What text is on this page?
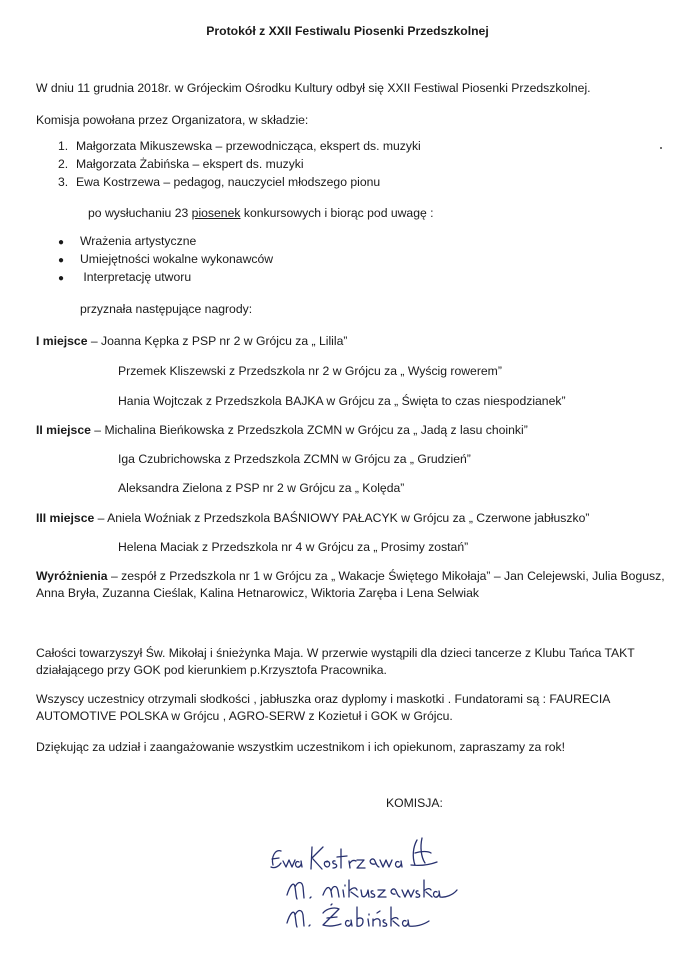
Protokół z XXII Festiwalu Piosenki Przedszkolnej
W dniu 11 grudnia 2018r. w Grójeckim Ośrodku Kultury odbył się XXII Festiwal Piosenki Przedszkolnej.
Komisja powołana przez Organizatora, w składzie:
1. Małgorzata Mikuszewska – przewodnicząca, ekspert ds. muzyki
2. Małgorzata Żabińska – ekspert ds. muzyki
3. Ewa Kostrzewa – pedagog, nauczyciel młodszego pionu
po wysłuchaniu 23 piosenek konkursowych i biorąc pod uwagę :
● Wrażenia artystyczne
● Umiejętności wokalne wykonawców
● Interpretację utworu
przyznała następujące nagrody:
I miejsce – Joanna Kępka z PSP nr 2 w Grójcu za „ Lilila”
Przemek Kliszewski z Przedszkola nr 2 w Grójcu za „ Wyścig rowerem”
Hania Wojtczak z Przedszkola BAJKA w Grójcu za „ Święta to czas niespodzianek”
II miejsce – Michalina Bieńkowska z Przedszkola ZCMN w Grójcu za „ Jadą z lasu choinki”
Iga Czubrichowska z Przedszkola ZCMN w Grójcu za „ Grudzień”
Aleksandra Zielona z PSP nr 2 w Grójcu za „ Kolęda”
III miejsce – Aniela Woźniak z Przedszkola BAŚNIOWY PAŁACYK w Grójcu za „ Czerwone jabłuszko”
Helena Maciak z Przedszkola nr 4 w Grójcu za „ Prosimy zostań”
Wyróżnienia – zespół z Przedszkola nr 1 w Grójcu za „ Wakacje Świętego Mikołaja” – Jan Celejewski, Julia Bogusz,
Anna Bryła, Zuzanna Cieślak, Kalina Hetnarowicz, Wiktoria Zaręba i Lena Selwiak
Całości towarzyszył Św. Mikołaj i śnieżynka Maja. W przerwie wystąpili dla dzieci tancerze z Klubu Tańca TAKT
działającego przy GOK pod kierunkiem p.Krzysztofa Pracownika.
Wszyscy uczestnicy otrzymali słodkości , jabłuszka oraz dyplomy i maskotki . Fundatorami są : FAURECIA
AUTOMOTIVE POLSKA w Grójcu , AGRO-SERW z Kozietuł i GOK w Grójcu.
Dziękując za udział i zaangażowanie wszystkim uczestnikom i ich opiekunom, zapraszamy za rok!
KOMISJA:
